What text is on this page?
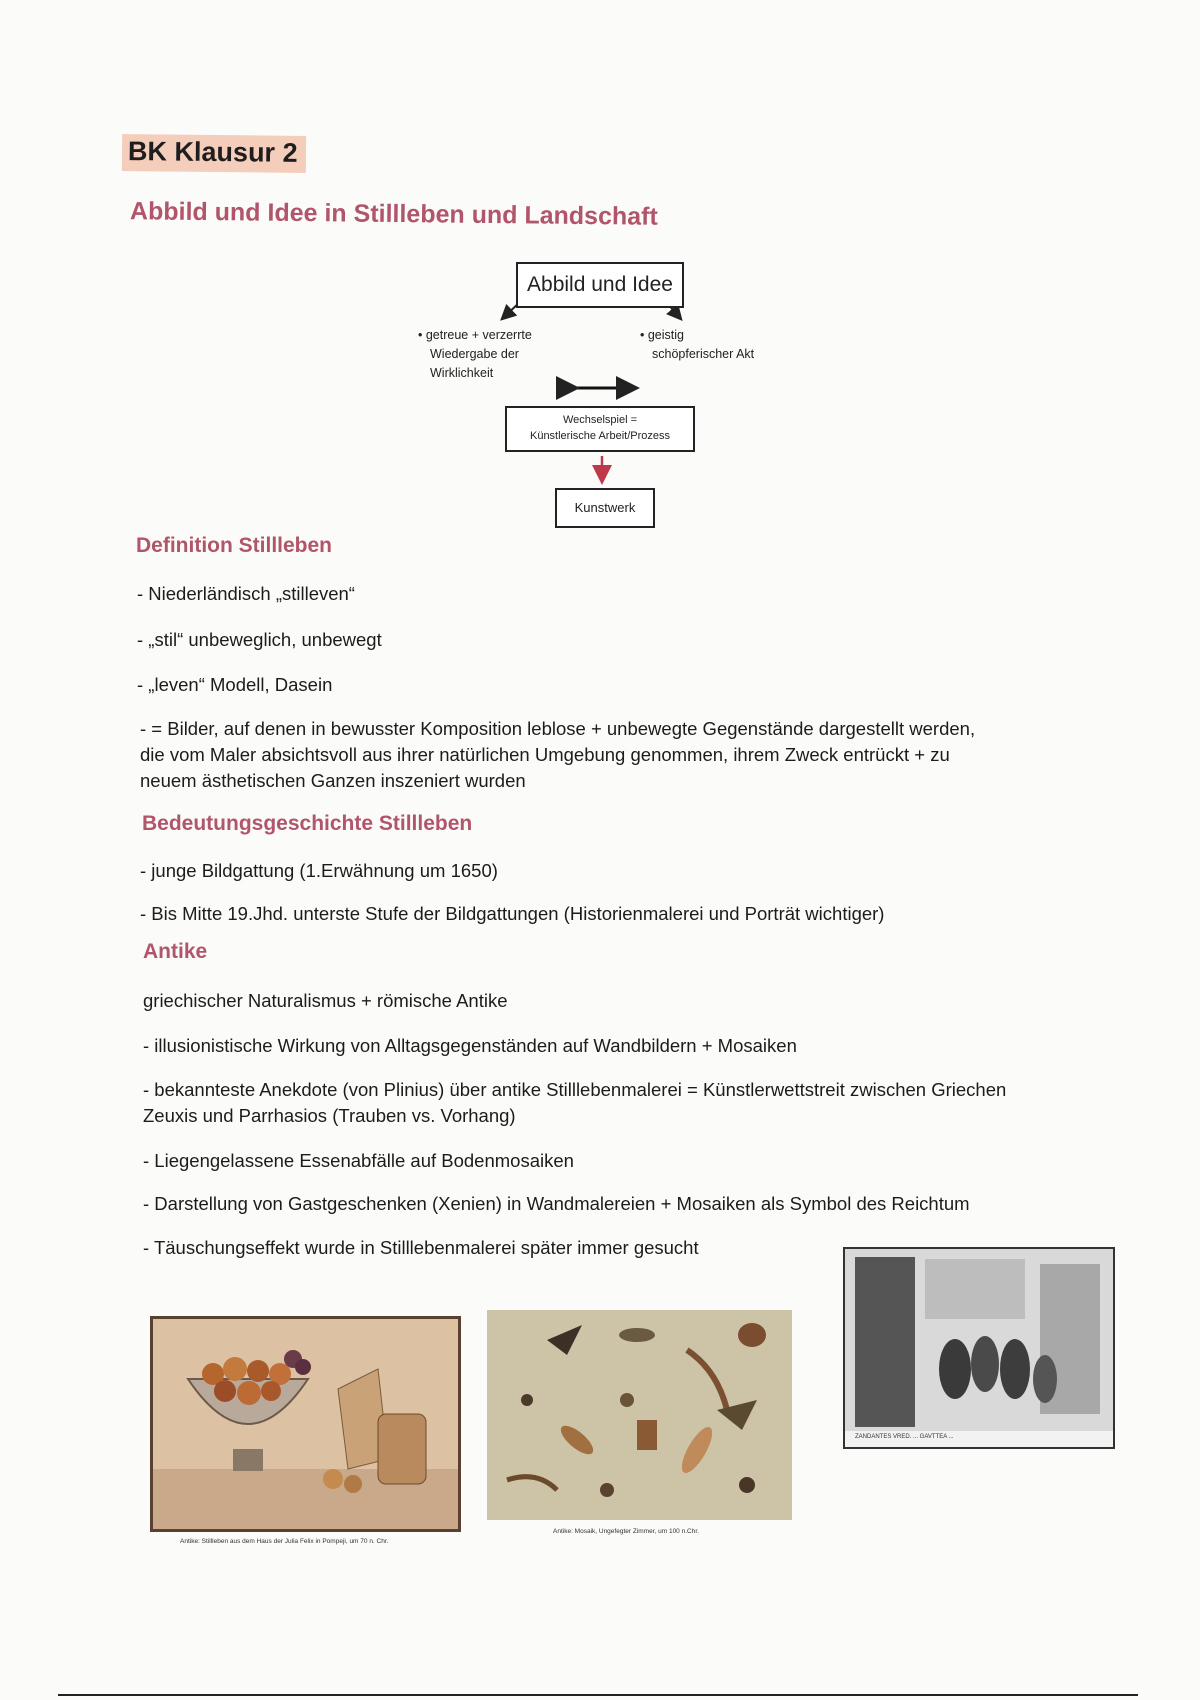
BK Klausur 2
Abbild und Idee in Stillleben und Landschaft
Abbild und Idee
• getreue + verzerrte
Wiedergabe der
Wirklichkeit
• geistig
schöpferischer Akt
Wechselspiel =
Künstlerische Arbeit/Prozess
Kunstwerk
Definition Stillleben
- Niederländisch „stilleven“
- „stil“ unbeweglich, unbewegt
- „leven“ Modell, Dasein
- = Bilder, auf denen in bewusster Komposition leblose + unbewegte Gegenstände dargestellt werden, die vom Maler absichtsvoll aus ihrer natürlichen Umgebung genommen, ihrem Zweck entrückt + zu neuem ästhetischen Ganzen inszeniert wurden
Bedeutungsgeschichte Stillleben
- junge Bildgattung (1.Erwähnung um 1650)
- Bis Mitte 19.Jhd. unterste Stufe der Bildgattungen (Historienmalerei und Porträt wichtiger)
Antike
griechischer Naturalismus + römische Antike
- illusionistische Wirkung von Alltagsgegenständen auf Wandbildern + Mosaiken
- bekannteste Anekdote (von Plinius) über antike Stilllebenmalerei = Künstlerwettstreit zwischen Griechen Zeuxis und Parrhasios (Trauben vs. Vorhang)
- Liegengelassene Essenabfälle auf Bodenmosaiken
- Darstellung von Gastgeschenken (Xenien) in Wandmalereien + Mosaiken als Symbol des Reichtum
- Täuschungseffekt wurde in Stilllebenmalerei später immer gesucht
Antike: Stillleben aus dem Haus der Julia Felix in Pompeji, um 70 n. Chr.
Antike: Mosaik, Ungefegter Zimmer, um 100 n.Chr.
ZANDANTES VRED. ... GAVTTEA ...
